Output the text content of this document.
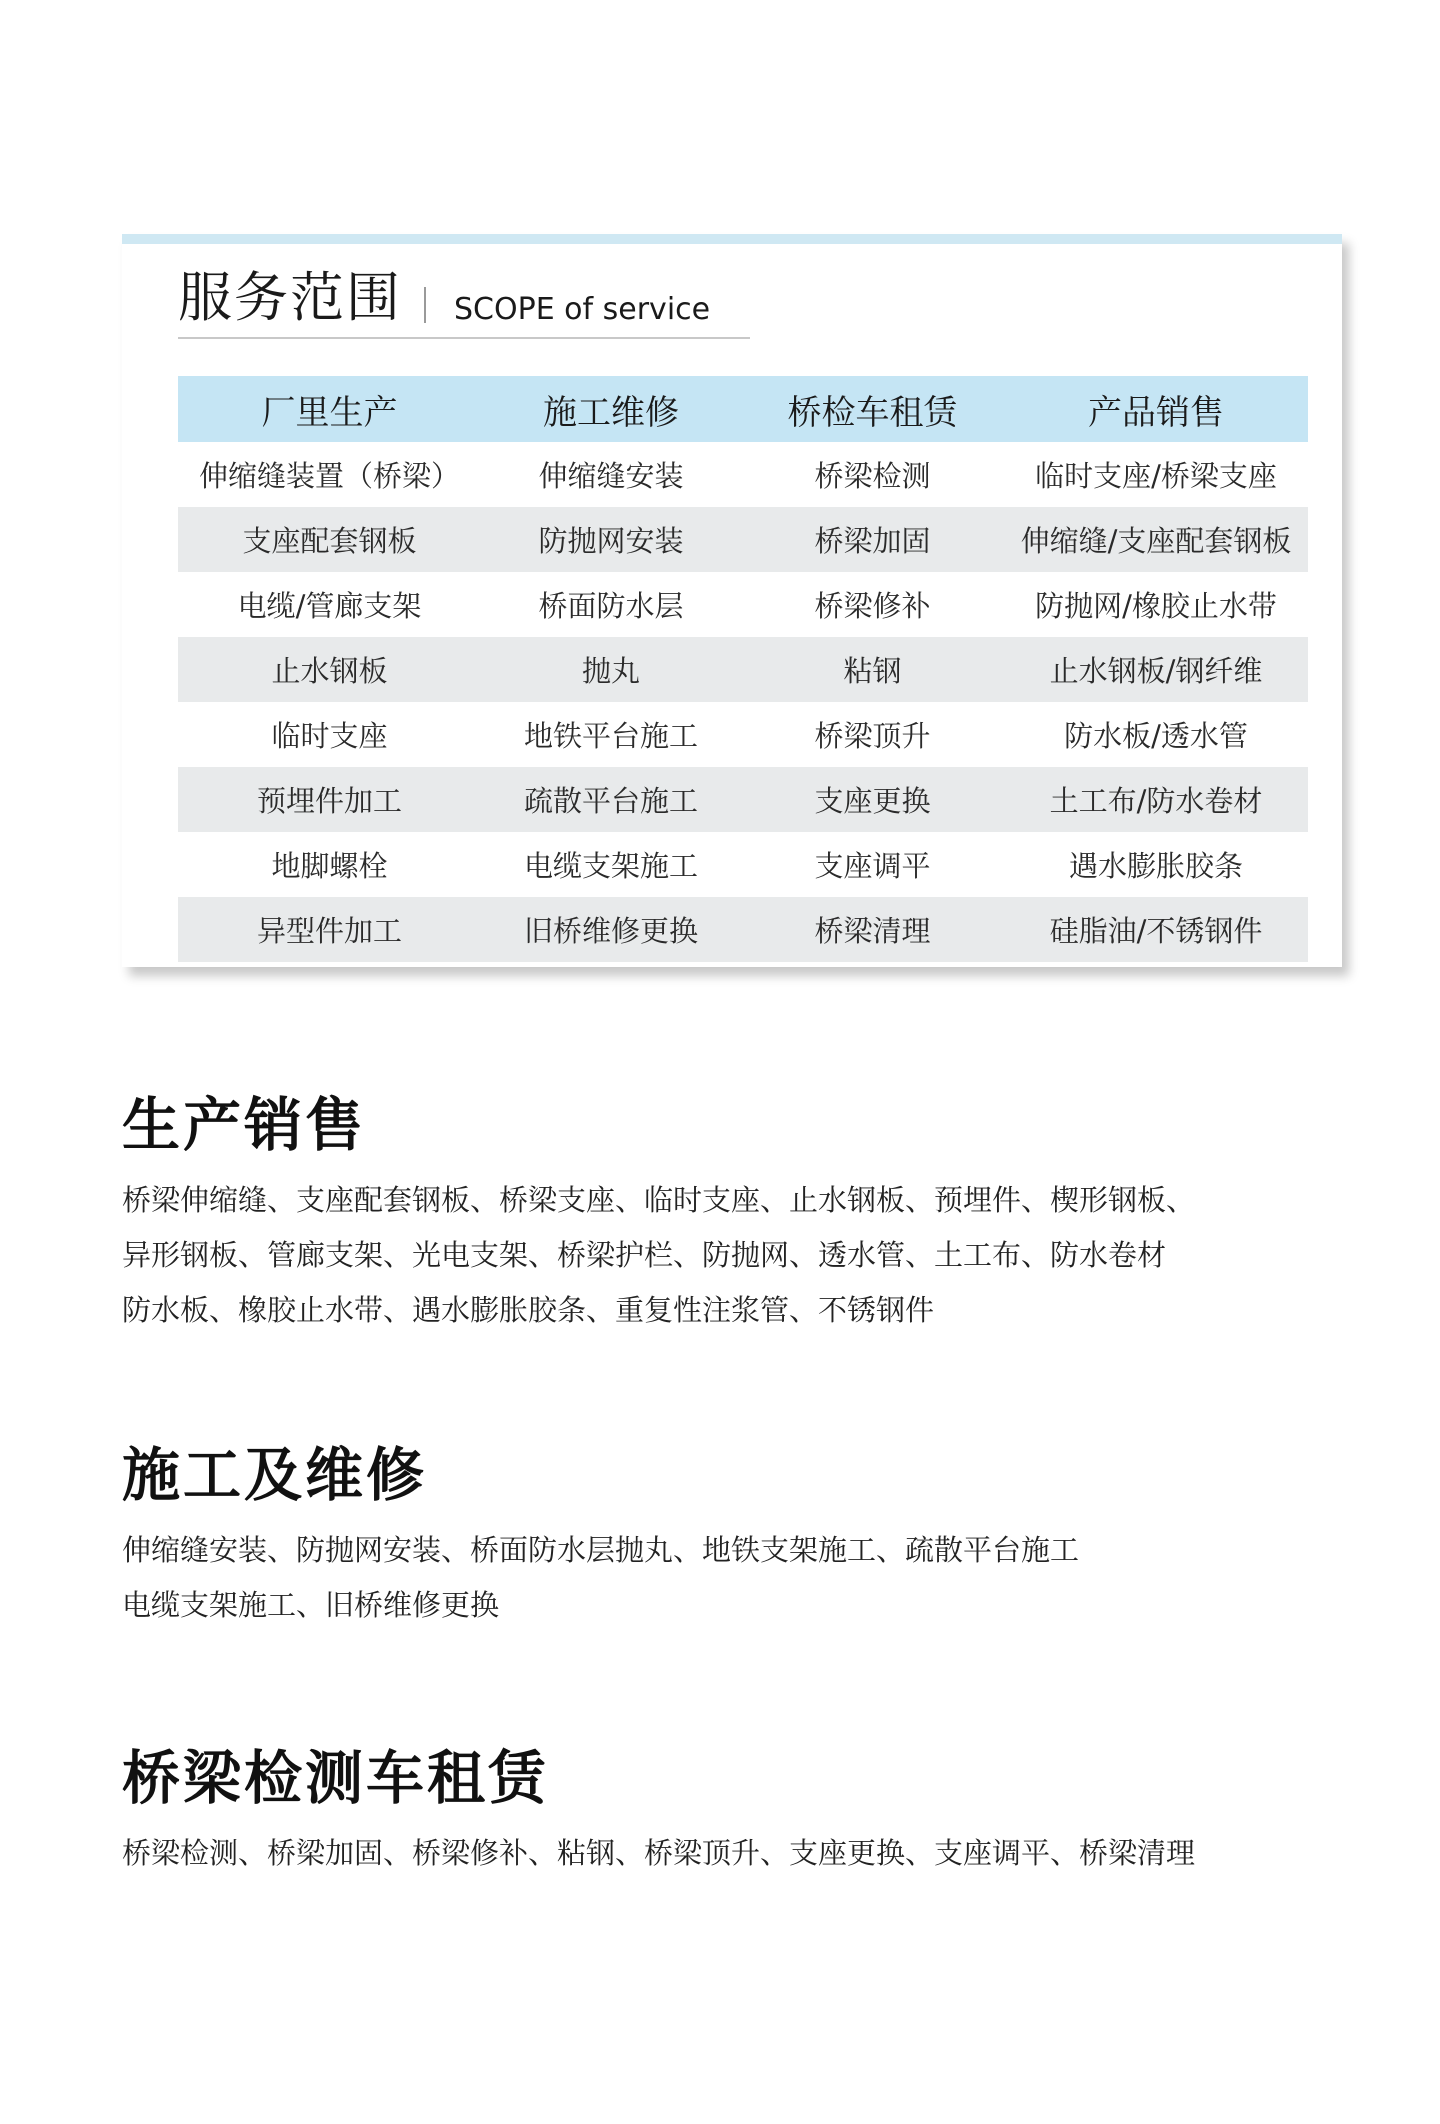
服务范围 SCOPE of service
厂里生产	施工维修	桥检车租赁	产品销售
伸缩缝装置（桥梁）	伸缩缝安装	桥梁检测	临时支座/桥梁支座
支座配套钢板	防抛网安装	桥梁加固	伸缩缝/支座配套钢板
电缆/管廊支架	桥面防水层	桥梁修补	防抛网/橡胶止水带
止水钢板	抛丸	粘钢	止水钢板/钢纤维
临时支座	地铁平台施工	桥梁顶升	防水板/透水管
预埋件加工	疏散平台施工	支座更换	土工布/防水卷材
地脚螺栓	电缆支架施工	支座调平	遇水膨胀胶条
异型件加工	旧桥维修更换	桥梁清理	硅脂油/不锈钢件
生产销售

桥梁伸缩缝、支座配套钢板、桥梁支座、临时支座、止水钢板、预埋件、楔形钢板、
异形钢板、管廊支架、光电支架、桥梁护栏、防抛网、透水管、土工布、防水卷材
防水板、橡胶止水带、遇水膨胀胶条、重复性注浆管、不锈钢件

施工及维修

伸缩缝安装、防抛网安装、桥面防水层抛丸、地铁支架施工、疏散平台施工
电缆支架施工、旧桥维修更换

桥梁检测车租赁

桥梁检测、桥梁加固、桥梁修补、粘钢、桥梁顶升、支座更换、支座调平、桥梁清理
